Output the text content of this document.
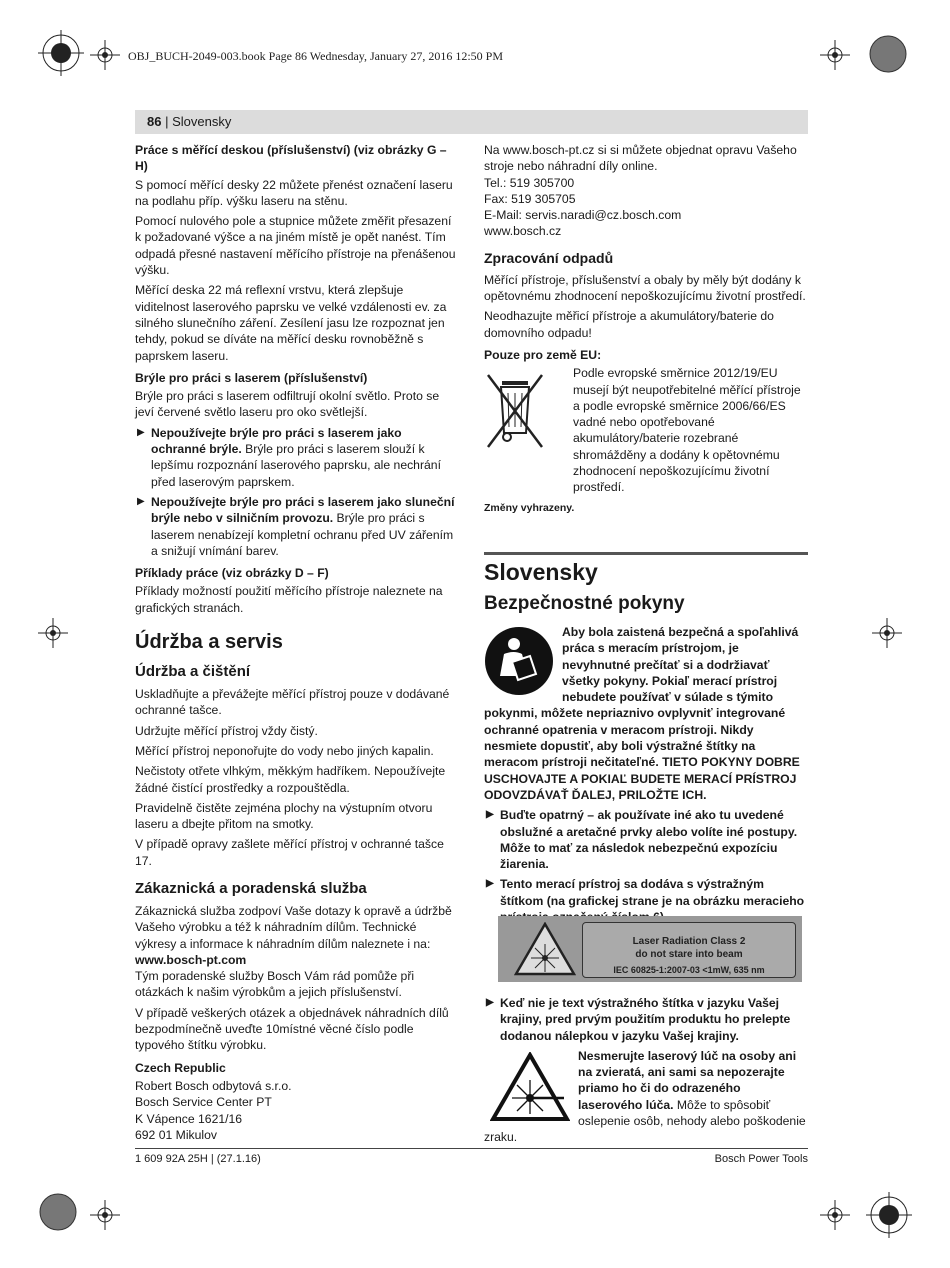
OBJ_BUCH-2049-003.book Page 86 Wednesday, January 27, 2016 12:50 PM
86 | Slovensky

Práce s měřící deskou (příslušenství) (viz obrázky G – H)

S pomocí měřící desky 22 můžete přenést označení laseru na podlahu příp. výšku laseru na stěnu.

Pomocí nulového pole a stupnice můžete změřit přesazení k požadované výšce a na jiném místě je opět nanést. Tím odpadá přesné nastavení měřícího přístroje na přenášenou výšku.

Měřící deska 22 má reflexní vrstvu, která zlepšuje viditelnost laserového paprsku ve velké vzdálenosti ev. za silného slunečního záření. Zesílení jasu lze rozpoznat jen tehdy, pokud se díváte na měřící desku rovnoběžně s paprskem laseru.

Brýle pro práci s laserem (příslušenství)

Brýle pro práci s laserem odfiltrují okolní světlo. Proto se jeví červené světlo laseru pro oko světlejší.

▶ Nepoužívejte brýle pro práci s laserem jako ochranné brýle. Brýle pro práci s laserem slouží k lepšímu rozpoznání laserového paprsku, ale nechrání před laserovým paprskem.
▶ Nepoužívejte brýle pro práci s laserem jako sluneční brýle nebo v silničním provozu. Brýle pro práci s laserem nenabízejí kompletní ochranu před UV zářením a snižují vnímání barev.

Příklady práce (viz obrázky D – F)

Příklady možností použití měřícího přístroje naleznete na grafických stranách.

Údržba a servis

Údržba a čištění

Uskladňujte a převážejte měřící přístroj pouze v dodávané ochranné tašce.

Udržujte měřící přístroj vždy čistý.

Měřící přístroj neponořujte do vody nebo jiných kapalin.

Nečistoty otřete vlhkým, měkkým hadříkem. Nepoužívejte žádné čistící prostředky a rozpouštědla.

Pravidelně čistěte zejména plochy na výstupním otvoru laseru a dbejte přitom na smotky.

V případě opravy zašlete měřící přístroj v ochranné tašce 17.

Zákaznická a poradenská služba

Zákaznická služba zodpoví Vaše dotazy k opravě a údržbě Vašeho výrobku a též k náhradním dílům. Technické výkresy a informace k náhradním dílům naleznete i na:

www.bosch-pt.com

Tým poradenské služby Bosch Vám rád pomůže při otázkách k našim výrobkům a jejich příslušenství.

V případě veškerých otázek a objednávek náhradních dílů bezpodmínečně uveďte 10místné věcné číslo podle typového štítku výrobku.

Czech Republic

Robert Bosch odbytová s.r.o.
Bosch Service Center PT
K Vápence 1621/16
692 01 Mikulov

Na www.bosch-pt.cz si si můžete objednat opravu Vašeho stroje nebo náhradní díly online.

Tel.: 519 305700
Fax: 519 305705
E-Mail: servis.naradi@cz.bosch.com
www.bosch.cz

Zpracování odpadů

Měřící přístroje, příslušenství a obaly by měly být dodány k opětovnému zhodnocení nepoškozujícímu životní prostředí.

Neodhazujte měřicí přístroje a akumulátory/baterie do domovního odpadu!

Pouze pro země EU:

Podle evropské směrnice 2012/19/EU musejí být neupotřebitelné měřící přístroje a podle evropské směrnice 2006/66/ES vadné nebo opotřebované akumulátory/baterie rozebrané shromážděny a dodány k opětovnému zhodnocení nepoškozujícímu životní prostředí.

Změny vyhrazeny.

Slovensky

Bezpečnostné pokyny

Aby bola zaistená bezpečná a spoľahlivá práca s meracím prístrojom, je nevyhnutné prečítať si a dodržiavať všetky pokyny. Pokiaľ merací prístroj nebudete používať v súlade s týmito pokynmi, môžete nepriaznivo ovplyvniť integrované ochranné opatrenia v meracom prístroji. Nikdy nesmiete dopustiť, aby boli výstražné štítky na meracom prístroji nečitateľné. TIETO POKYNY DOBRE USCHOVAJTE A POKIAĽ BUDETE MERACÍ PRÍSTROJ ODOVZDÁVAŤ ĎALEJ, PRILOŽTE ICH.

▶ Buďte opatrný – ak používate iné ako tu uvedené obslužné a aretačné prvky alebo volíte iné postupy. Môže to mať za následok nebezpečnú expozíciu žiarenia.
▶ Tento merací prístroj sa dodáva s výstražným štítkom (na grafickej strane je na obrázku meracieho
Laser Radiation Class 2
do not stare into beam
IEC 60825-1:2007-03 <1mW, 635 nm
▶ Keď nie je text výstražného štítka v jazyku Vašej krajiny, pred prvým použitím produktu ho prelepte dodanou nálepkou v jazyku Vašej krajiny.

Nesmerujte laserový lúč na osoby ani na zvieratá, ani sami sa nepozerajte priamo ho či do odrazeného laserového lúča. Môže to spôsobiť oslepenie osôb, nehody alebo poškodenie zraku.

1 609 92A 25H | (27.1.16)	Bosch Power Tools
